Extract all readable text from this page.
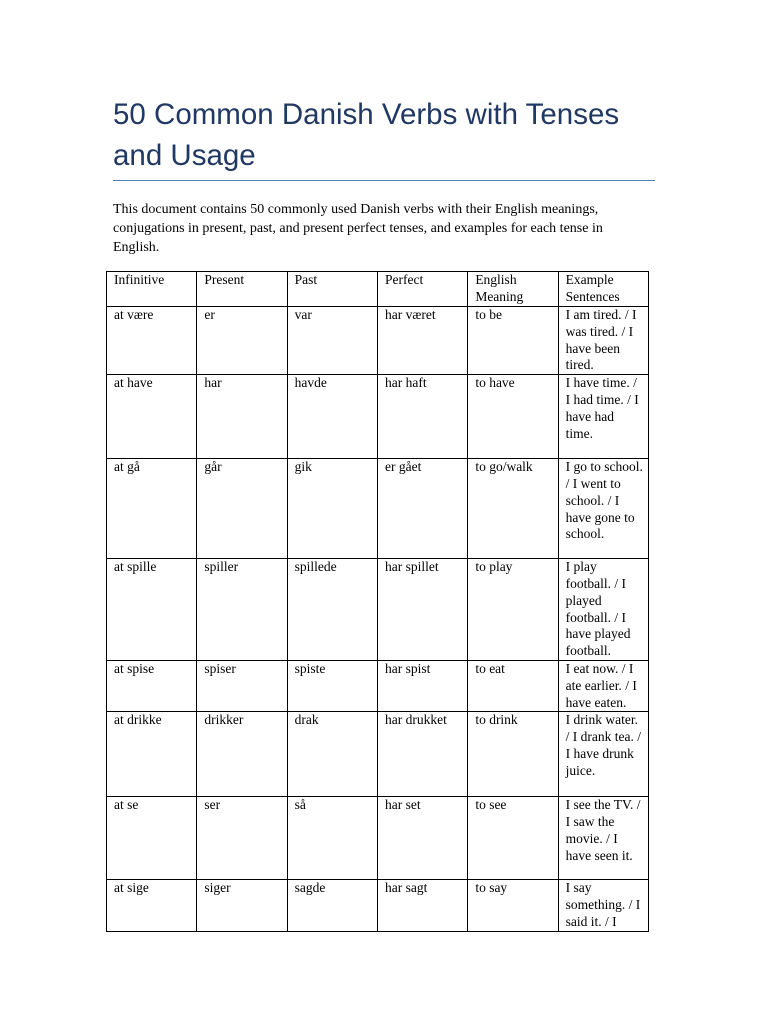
50 Common Danish Verbs with Tenses and Usage

This document contains 50 commonly used Danish verbs with their English meanings, conjugations in present, past, and present perfect tenses, and examples for each tense in English.

Infinitive	Present	Past	Perfect	English Meaning	Example Sentences
at være	er	var	har været	to be	I am tired. / I was tired. / I have been tired.
at have	har	havde	har haft	to have	I have time. / I had time. / I have had time.
at gå	går	gik	er gået	to go/walk	I go to school. / I went to school. / I have gone to school.
at spille	spiller	spillede	har spillet	to play	I play football. / I played football. / I have played football.
at spise	spiser	spiste	har spist	to eat	I eat now. / I ate earlier. / I have eaten.
at drikke	drikker	drak	har drukket	to drink	I drink water. / I drank tea. / I have drunk juice.
at se	ser	så	har set	to see	I see the TV. / I saw the movie. / I have seen it.
at sige	siger	sagde	har sagt	to say	I say something. / I said it. / I
